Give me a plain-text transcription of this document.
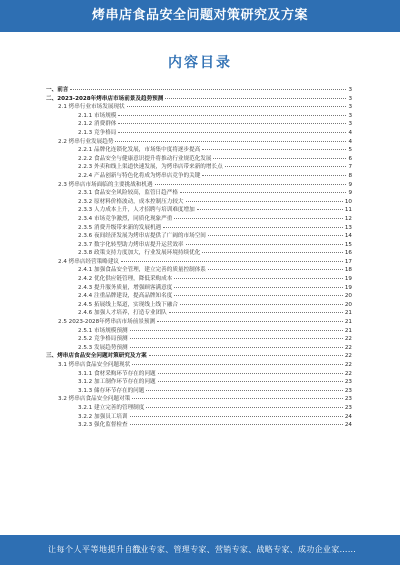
烤串店食品安全问题对策研究及方案
内容目录
一、前言	3
二、2023-2028年烤串店市场前景及趋势预测	3
2.1 烤串行业市场发展现状	3
2.1.1 市场规模	3
2.1.2 消费群体	3
2.1.3 竞争格局	4
2.2 烤串行业发展趋势	4
2.2.1 品牌化连锁化发展，市场集中度将逐步提高	5
2.2.2 食品安全与健康意识提升将推动行业规范化发展	6
2.2.3 外卖和线上渠道快速发展，为烤串店带来新的增长点	7
2.2.4 产品创新与特色化将成为烤串店竞争的关键	8
2.3 烤串店市场面临的主要挑战和机遇	9
2.3.1 食品安全风险较高，监管日趋严格	9
2.3.2 原材料价格波动，成本控制压力较大	10
2.3.3 人力成本上升，人才招聘与培训难度增加	11
2.3.4 市场竞争激烈，同质化现象严重	12
2.3.5 消费升级带来新的发展机遇	13
2.3.6 夜间经济发展为烤串店提供了广阔的市场空间	14
2.3.7 数字化转型助力烤串店提升运营效率	15
2.3.8 政策支持力度加大，行业发展环境持续优化	16
2.4 烤串店经营策略建议	17
2.4.1 加强食品安全管理，建立完善的质量控制体系	18
2.4.2 优化供应链管理，降低采购成本	19
2.4.3 提升服务质量，增强顾客满意度	19
2.4.4 注重品牌建设，提高品牌知名度	20
2.4.5 拓展线上渠道，实现线上线下融合	20
2.4.6 加强人才培养，打造专业团队	21
2.5 2023-2028年烤串店市场前景预测	21
2.5.1 市场规模预测	21
2.5.2 竞争格局预测	22
2.5.3 发展趋势预测	22
三、烤串店食品安全问题对策研究及方案	22
3.1 烤串店食品安全问题现状	22
3.1.1 食材采购环节存在的问题	22
3.1.2 加工制作环节存在的问题	23
3.1.3 储存环节存在的问题	23
3.2 烤串店食品安全问题对策	23
3.2.1 建立完善的管理制度	23
3.2.2 加强员工培训	24
3.2.3 强化监督检查	24
让每个人平等地提升自我
行业专家、管理专家、营销专家、战略专家、成功企业家……
